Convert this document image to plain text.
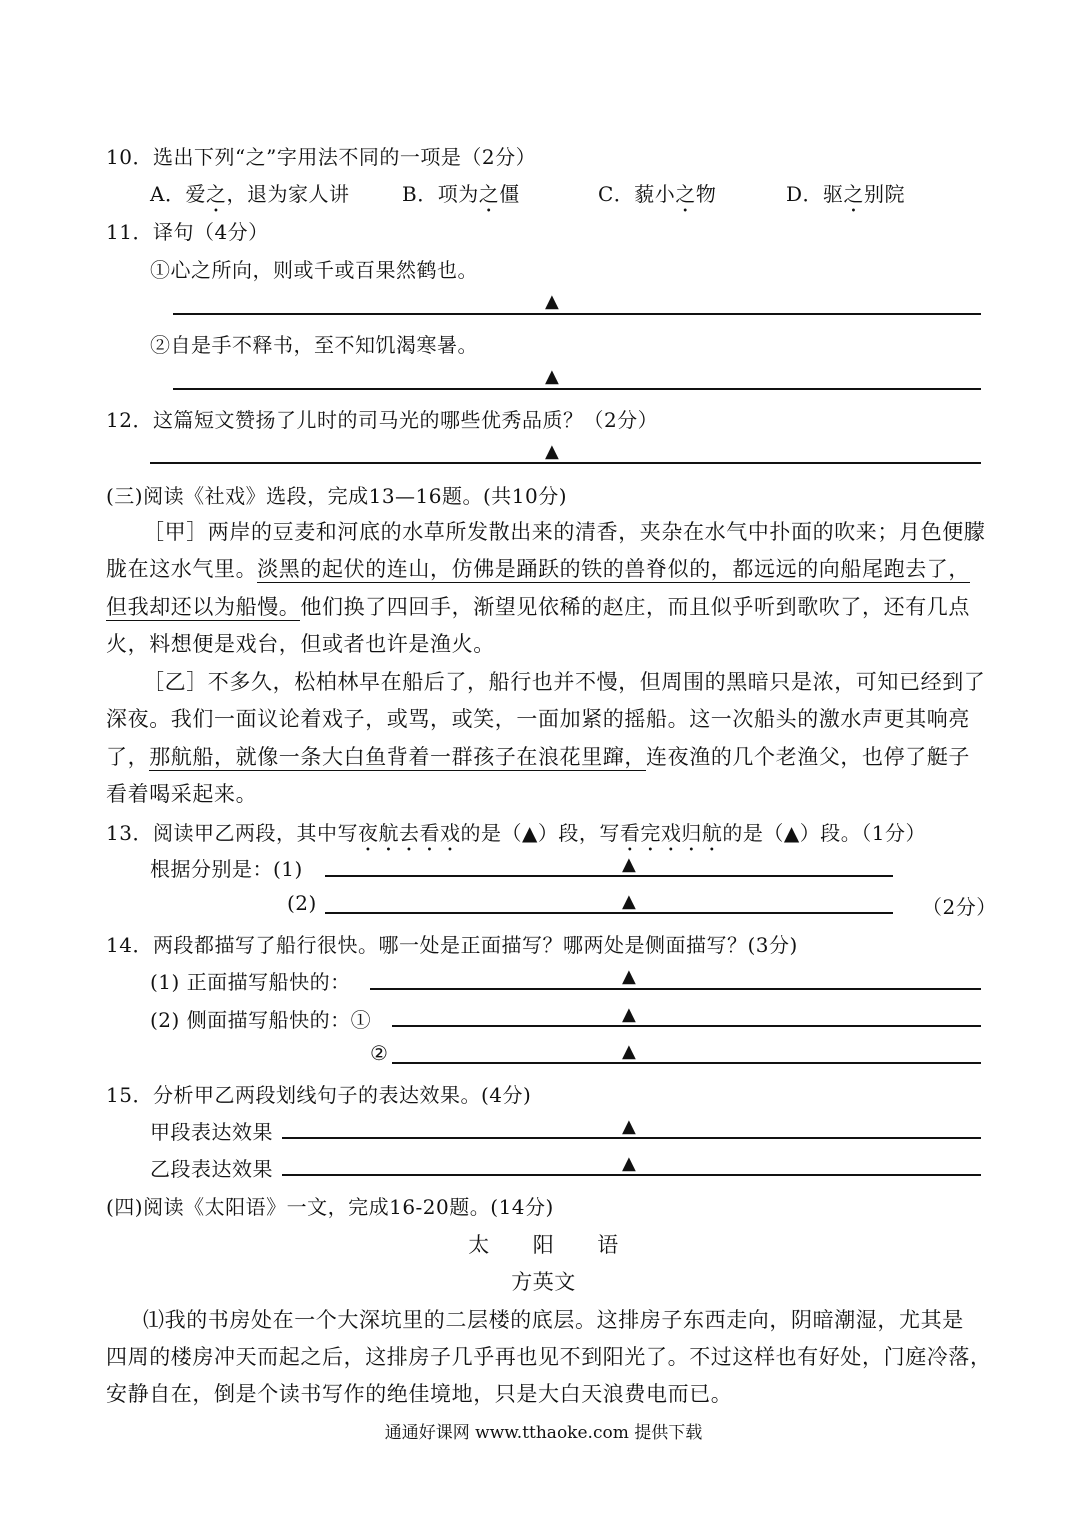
10．选出下列“之”字用法不同的一项是（2分）
A．爱之，退为家人讲	B．项为之僵	C．藐小之物	D．驱之别院
11．译句（4分）
①心之所向，则或千或百果然鹤也。
▲
②自是手不释书，至不知饥渴寒暑。
▲
12．这篇短文赞扬了儿时的司马光的哪些优秀品质？（2分）
▲
(三)阅读《社戏》选段，完成13—16题。(共10分)
［甲］两岸的豆麦和河底的水草所发散出来的清香，夹杂在水气中扑面的吹来；月色便朦
胧在这水气里。淡黑的起伏的连山，仿佛是踊跃的铁的兽脊似的，都远远的向船尾跑去了，
但我却还以为船慢。他们换了四回手，渐望见依稀的赵庄，而且似乎听到歌吹了，还有几点
火，料想便是戏台，但或者也许是渔火。
［乙］不多久，松柏林早在船后了，船行也并不慢，但周围的黑暗只是浓，可知已经到了
深夜。我们一面议论着戏子，或骂，或笑，一面加紧的摇船。这一次船头的激水声更其响亮
了，那航船，就像一条大白鱼背着一群孩子在浪花里蹿，连夜渔的几个老渔父，也停了艇子
看着喝采起来。
13．阅读甲乙两段，其中写夜航去看戏的是（▲）段，写看完戏归航的是（▲）段。（1分）
根据分别是：(1)	▲
(2)	▲	（2分）
14．两段都描写了船行很快。哪一处是正面描写？哪两处是侧面描写？(3分)
(1) 正面描写船快的：	▲
(2) 侧面描写船快的：①	▲
②	▲
15．分析甲乙两段划线句子的表达效果。(4分)
甲段表达效果	▲
乙段表达效果	▲
(四)阅读《太阳语》一文，完成16-20题。(14分)
太　　阳　　语
方英文
⑴我的书房处在一个大深坑里的二层楼的底层。这排房子东西走向，阴暗潮湿，尤其是
四周的楼房冲天而起之后，这排房子几乎再也见不到阳光了。不过这样也有好处，门庭冷落，
安静自在，倒是个读书写作的绝佳境地，只是大白天浪费电而已。
通通好课网 www.tthaoke.com 提供下载
